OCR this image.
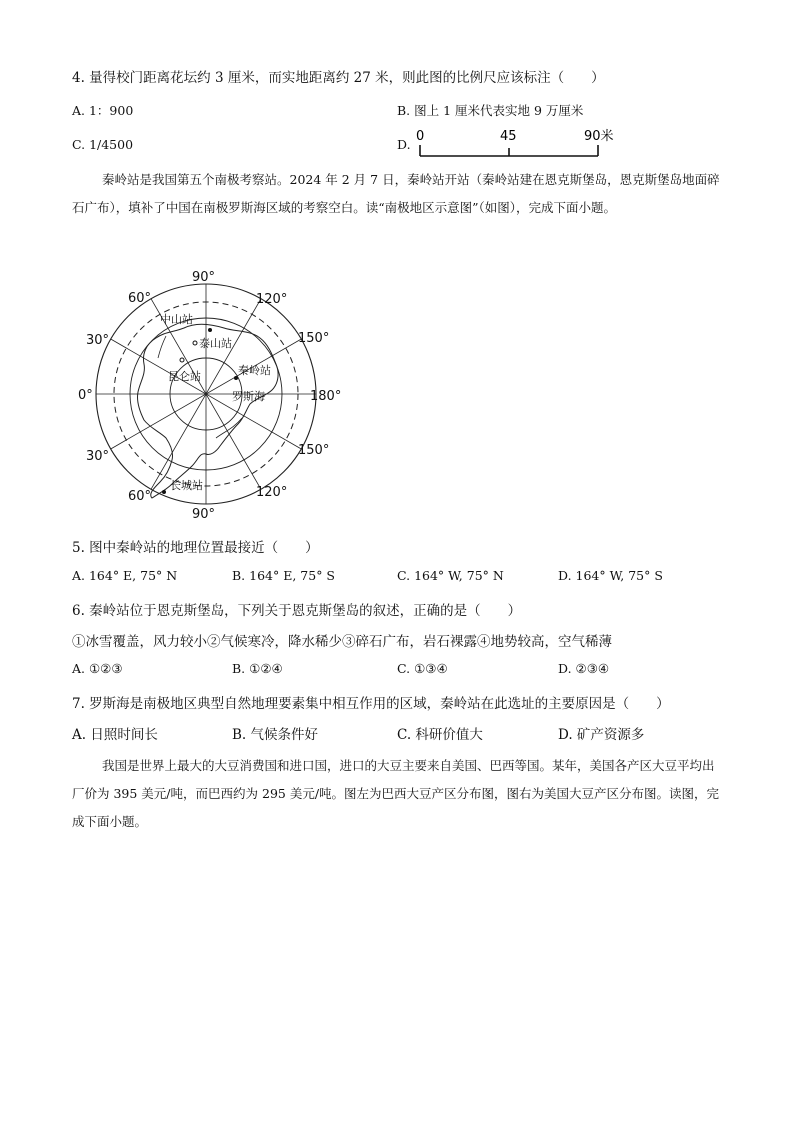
4. 量得校门距离花坛约 3 厘米，而实地距离约 27 米，则此图的比例尺应该标注（　　）
A. 1：900	B. 图上 1 厘米代表实地 9 万厘米
C. 1/4500	D.
0	45	90米
秦岭站是我国第五个南极考察站。2024 年 2 月 7 日，秦岭站开站（秦岭站建在恩克斯堡岛，恩克斯堡岛地面碎石广布），填补了中国在南极罗斯海区域的考察空白。读“南极地区示意图”（如图），完成下面小题。
中山站
泰山站
昆仑站	秦岭站
罗斯海
长城站
90°
90°
60°
30°
0°
30°
60°
120°
150°
180°
150°
120°
5. 图中秦岭站的地理位置最接近（　　）
A. 164° E, 75° N	B. 164° E, 75° S	C. 164° W, 75° N	D. 164° W, 75° S
6. 秦岭站位于恩克斯堡岛，下列关于恩克斯堡岛的叙述，正确的是（　　）
①冰雪覆盖，风力较小②气候寒冷，降水稀少③碎石广布，岩石裸露④地势较高，空气稀薄
A. ①②③	B. ①②④	C. ①③④	D. ②③④
7. 罗斯海是南极地区典型自然地理要素集中相互作用的区域，秦岭站在此选址的主要原因是（　　）
A. 日照时间长	B. 气候条件好	C. 科研价值大	D. 矿产资源多
我国是世界上最大的大豆消费国和进口国，进口的大豆主要来自美国、巴西等国。某年，美国各产区大豆平均出厂价为 395 美元/吨，而巴西约为 295 美元/吨。图左为巴西大豆产区分布图，图右为美国大豆产区分布图。读图，完成下面小题。
